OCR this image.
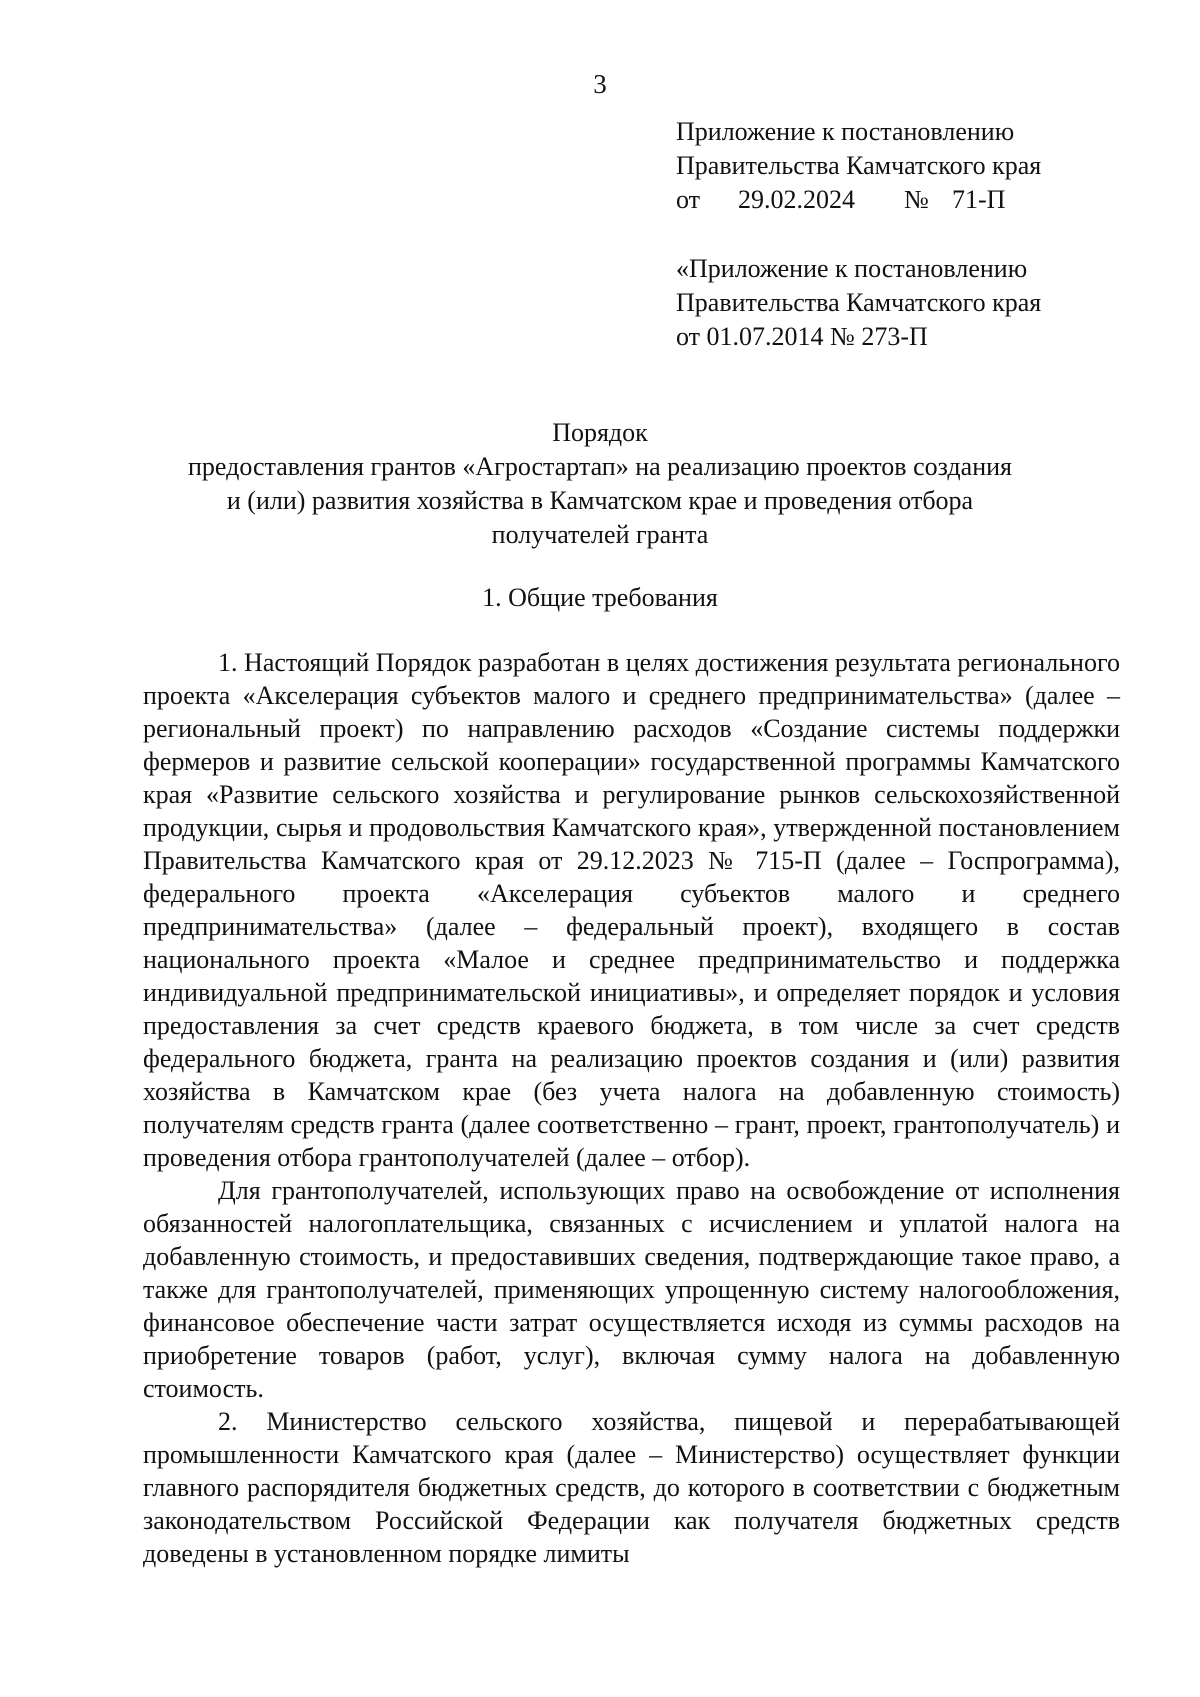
3
Приложение к постановлению
Правительства Камчатского края
от	29.02.2024	№ 71-П
«Приложение к постановлению
Правительства Камчатского края
от 01.07.2014 № 273-П
Порядок
предоставления грантов «Агростартап» на реализацию проектов создания
и (или) развития хозяйства в Камчатском крае и проведения отбора
получателей гранта
1. Общие требования

1. Настоящий Порядок разработан в целях достижения результата регионального проекта «Акселерация субъектов малого и среднего предпринимательства» (далее – региональный проект) по направлению расходов «Создание системы поддержки фермеров и развитие сельской кооперации» государственной программы Камчатского края «Развитие сельского хозяйства и регулирование рынков сельскохозяйственной продукции, сырья и продовольствия Камчатского края», утвержденной постановлением Правительства Камчатского края от 29.12.2023 № 715-П (далее – Госпрограмма), федерального проекта «Акселерация субъектов малого и среднего предпринимательства» (далее – федеральный проект), входящего в состав национального проекта «Малое и среднее предпринимательство и поддержка индивидуальной предпринимательской инициативы», и определяет порядок и условия предоставления за счет средств краевого бюджета, в том числе за счет средств федерального бюджета, гранта на реализацию проектов создания и (или) развития хозяйства в Камчатском крае (без учета налога на добавленную стоимость) получателям средств гранта (далее соответственно – грант, проект, грантополучатель) и проведения отбора грантополучателей (далее – отбор).

Для грантополучателей, использующих право на освобождение от исполнения обязанностей налогоплательщика, связанных с исчислением и уплатой налога на добавленную стоимость, и предоставивших сведения, подтверждающие такое право, а также для грантополучателей, применяющих упрощенную систему налогообложения, финансовое обеспечение части затрат осуществляется исходя из суммы расходов на приобретение товаров (работ, услуг), включая сумму налога на добавленную стоимость.

2. Министерство сельского хозяйства, пищевой и перерабатывающей промышленности Камчатского края (далее – Министерство) осуществляет функции главного распорядителя бюджетных средств, до которого в соответствии с бюджетным законодательством Российской Федерации как получателя бюджетных средств доведены в установленном порядке лимиты
